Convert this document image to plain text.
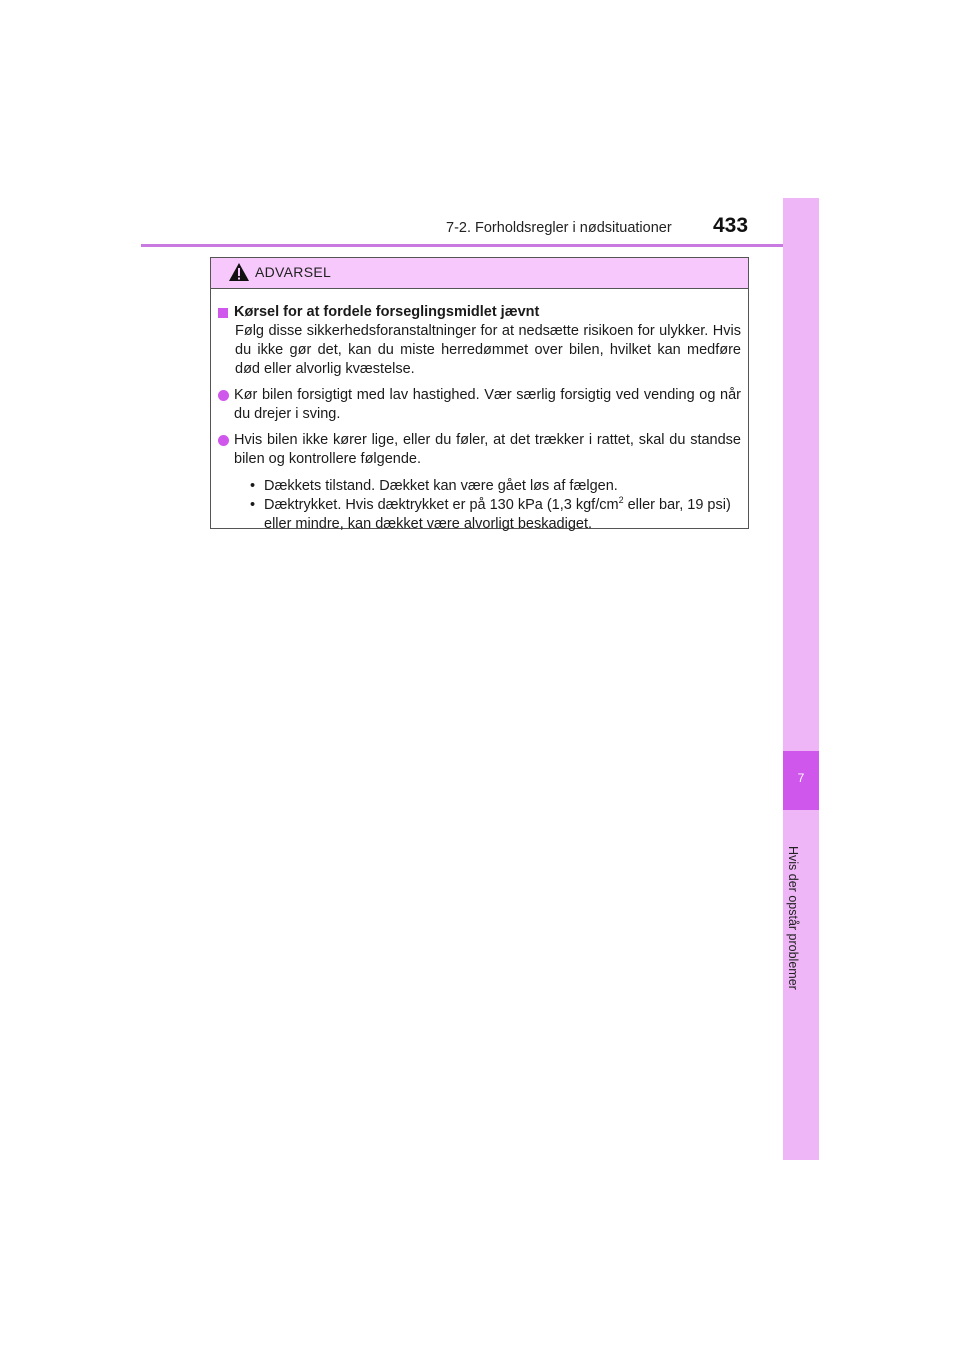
7-2. Forholdsregler i nødsituationer 433
7
Hvis der opstår problemer
ADVARSEL
Kørsel for at fordele forseglingsmidlet jævnt
Følg disse sikkerhedsforanstaltninger for at nedsætte risikoen for ulykker. Hvis du ikke gør det, kan du miste herredømmet over bilen, hvilket kan medføre død eller alvorlig kvæstelse.
Kør bilen forsigtigt med lav hastighed. Vær særlig forsigtig ved vending og når du drejer i sving.
Hvis bilen ikke kører lige, eller du føler, at det trækker i rattet, skal du standse bilen og kontrollere følgende.
• Dækkets tilstand. Dækket kan være gået løs af fælgen.
• Dæktrykket. Hvis dæktrykket er på 130 kPa (1,3 kgf/$cm^2$ eller bar, 19 psi) eller mindre, kan dækket være alvorligt beskadiget.
